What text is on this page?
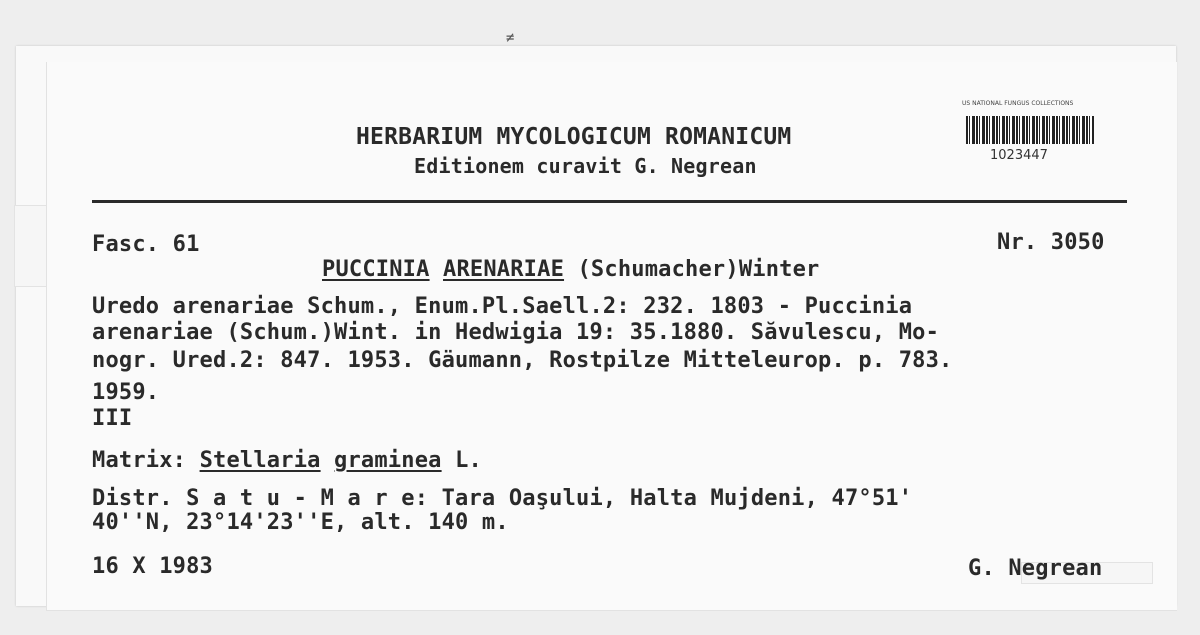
≠
HERBARIUM MYCOLOGICUM ROMANICUM
Editionem curavit G. Negrean
US NATIONAL FUNGUS COLLECTIONS
1023447
Fasc. 61	Nr. 3050
PUCCINIA ARENARIAE (Schumacher)Winter
Uredo arenariae Schum., Enum.Pl.Saell.2: 232. 1803 - Puccinia
arenariae (Schum.)Wint. in Hedwigia 19: 35.1880. Săvulescu, Mo-
nogr. Ured.2: 847. 1953. Gäumann, Rostpilze Mitteleurop. p. 783.
1959.
III
Matrix: Stellaria graminea L.
Distr. S a t u - M a r e: Tara Oaşului, Halta Mujdeni, 47°51'
40''N, 23°14'23''E, alt. 140 m.
16 X 1983	G. Negrean
